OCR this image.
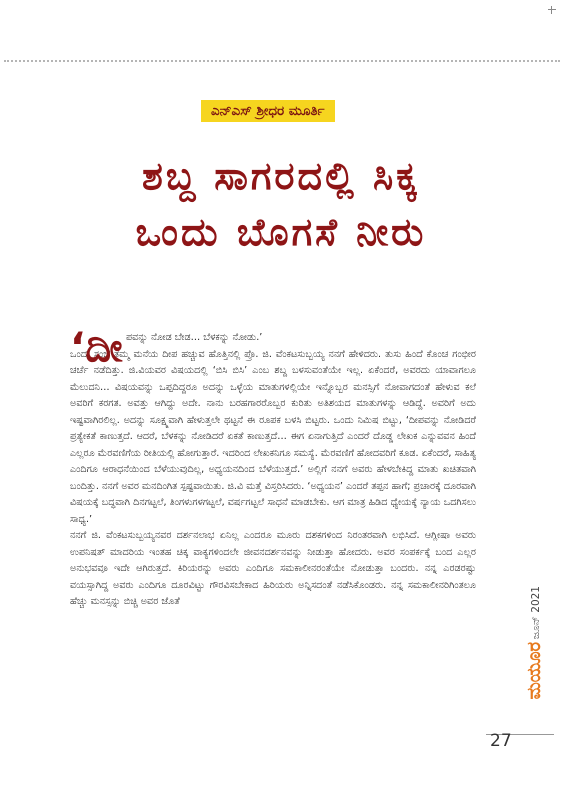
ಎನ್‌ಎಸ್‌ ಶ್ರೀಧರ ಮೂರ್ತಿ
ಶಬ್ದ ಸಾಗರದಲ್ಲಿ ಸಿಕ್ಕ
ಒಂದು ಬೊಗಸೆ ನೀರು
‘ದೀ ಪವನ್ನು ನೋಡ ಬೇಡ… ಬೆಳಕನ್ನು ನೋಡು.’
ಒಂದು ಸಂಜೆ ತಮ್ಮ ಮನೆಯ ದೀಪ ಹಚ್ಚುವ ಹೊತ್ತಿನಲ್ಲಿ ಪ್ರೊ. ಜಿ. ವೆಂಕಟಸುಬ್ಬಯ್ಯ ನನಗೆ ಹೇಳಿದರು. ತುಸು ಹಿಂದೆ ಕೊಂಚ ಗಂಭೀರ ಚರ್ಚೆ ನಡೆದಿತ್ತು. ಜಿ.ವಿಯವರ ವಿಷಯದಲ್ಲಿ ‘ಬಿಸಿ ಬಿಸಿ’ ಎಂಬ ಶಬ್ದ ಬಳಸುವಂತೆಯೇ ಇಲ್ಲ. ಏಕೆಂದರೆ, ಅವರದು ಯಾವಾಗಲೂ ಮೆಲುದನಿ… ವಿಷಯವನ್ನು ಒಪ್ಪದಿದ್ದರೂ ಅದನ್ನು ಒಳ್ಳೆಯ ಮಾತುಗಳಲ್ಲಿಯೇ ಇನ್ನೊಬ್ಬರ ಮನಸ್ಸಿಗೆ ನೋವಾಗದಂತೆ ಹೇಳುವ ಕಲೆ ಅವರಿಗೆ ಕರಗತ. ಅವತ್ತು ಆಗಿದ್ದು ಅದೇ. ನಾನು ಬರಹಗಾರರೊಬ್ಬರ ಕುರಿತು ಅತಿಶಯದ ಮಾತುಗಳನ್ನು ಆಡಿದ್ದೆ. ಅವರಿಗೆ ಅದು ಇಷ್ಟವಾಗಿರಲಿಲ್ಲ. ಅದನ್ನು ಸೂಕ್ಷ್ಮವಾಗಿ ಹೇಳುತ್ತಲೇ ಥಟ್ಟನೆ ಈ ರೂಪಕ ಬಳಸಿ ಬಿಟ್ಟರು. ಒಂದು ನಿಮಿಷ ಬಿಟ್ಟು, ‘ದೀಪವನ್ನು ನೋಡಿದರೆ ಪ್ರತ್ಯೇಕತೆ ಕಾಣುತ್ತದೆ. ಆದರೆ, ಬೆಳಕನ್ನು ನೋಡಿದರೆ ಏಕತೆ ಕಾಣುತ್ತದೆ… ಈಗ ಏನಾಗುತ್ತಿದೆ ಎಂದರೆ ದೊಡ್ಡ ಲೇಖಕ ಎನ್ನುವವನ ಹಿಂದೆ ಎಲ್ಲರೂ ಮೆರವಣಿಗೆಯ ರೀತಿಯಲ್ಲಿ ಹೋಗುತ್ತಾರೆ. ಇದರಿಂದ ಲೇಖಕನಿಗೂ ಸಮಸ್ಯೆ. ಮೆರವಣಿಗೆ ಹೋದವರಿಗೆ ಕೂಡ. ಏಕೆಂದರೆ, ಸಾಹಿತ್ಯ ಎಂದಿಗೂ ಆರಾಧನೆಯಿಂದ ಬೆಳೆಯುವುದಿಲ್ಲ, ಅಧ್ಯಯನದಿಂದ ಬೆಳೆಯುತ್ತದೆ.’ ಅಲ್ಲಿಗೆ ನನಗೆ ಅವರು ಹೇಳಬೇಕಿದ್ದ ಮಾತು ಖಚಿತವಾಗಿ ಬಂದಿತ್ತು. ನನಗೆ ಅವರ ಮನದಿಂಗಿತ ಸ್ಪಷ್ಟವಾಯಿತು. ಜಿ.ವಿ ಮತ್ತೆ ವಿಸ್ತರಿಸಿದರು. ‘ಅಧ್ಯಯನ’ ಎಂದರೆ ತಪ್ಪನ ಹಾಗೆ; ಪ್ರಚಾರಕ್ಕೆ ದೂರವಾಗಿ ವಿಷಯಕ್ಕೆ ಬದ್ಧವಾಗಿ ದಿನಗಟ್ಟಲೆ, ತಿಂಗಳುಗಳಗಟ್ಟಲೆ, ವರ್ಷಗಟ್ಟಲೆ ಸಾಧನೆ ಮಾಡಬೇಕು. ಆಗ ಮಾತ್ರ ಹಿಡಿದ ಧ್ಯೇಯಕ್ಕೆ ನ್ಯಾಯ ಒದಗಿಸಲು ಸಾಧ್ಯ.’

ನನಗೆ ಜಿ. ವೆಂಕಟಸುಬ್ಬಯ್ಯನವರ ದರ್ಶನಲಾಭ ಏನಿಲ್ಲ ಎಂದರೂ ಮೂರು ದಶಕಗಳಿಂದ ನಿರಂತರವಾಗಿ ಲಭಿಸಿದೆ. ಆಗ್ಲೀಷಾ ಅವರು ಉಪನಿಷತ್ ಮಾದರಿಯ ಇಂತಹ ಚಿಕ್ಕ ವಾಕ್ಯಗಳಿಂದಲೇ ಜೀವನದರ್ಶನವನ್ನು ನೀಡುತ್ತಾ ಹೋದರು. ಅವರ ಸಂಪರ್ಕಕ್ಕೆ ಬಂದ ಎಲ್ಲರ ಅನುಭವವೂ ಇದೇ ಆಗಿರುತ್ತದೆ. ಕಿರಿಯರನ್ನು ಅವರು ಎಂದಿಗೂ ಸಮಕಾಲೀನರಂತೆಯೇ ನೋಡುತ್ತಾ ಬಂದರು. ನನ್ನ ಎರಡರಷ್ಟು ವಯಸ್ಸಾಗಿದ್ದ ಅವರು ಎಂದಿಗೂ ದೂರವಿಟ್ಟು ಗೌರವಿಸಬೇಕಾದ ಹಿರಿಯರು ಅನ್ನಿಸದಂತೆ ನಡೆಸಿಕೊಂಡರು. ನನ್ನ ಸಮಕಾಲೀನರಿಗಿಂತಲೂ ಹೆಚ್ಚು ಮನಸ್ಸನ್ನು ಬಿಚ್ಚಿ ಅವರ ಜೊತೆ	ಜೂನ್ 2021
ಮಯೂರ
27
